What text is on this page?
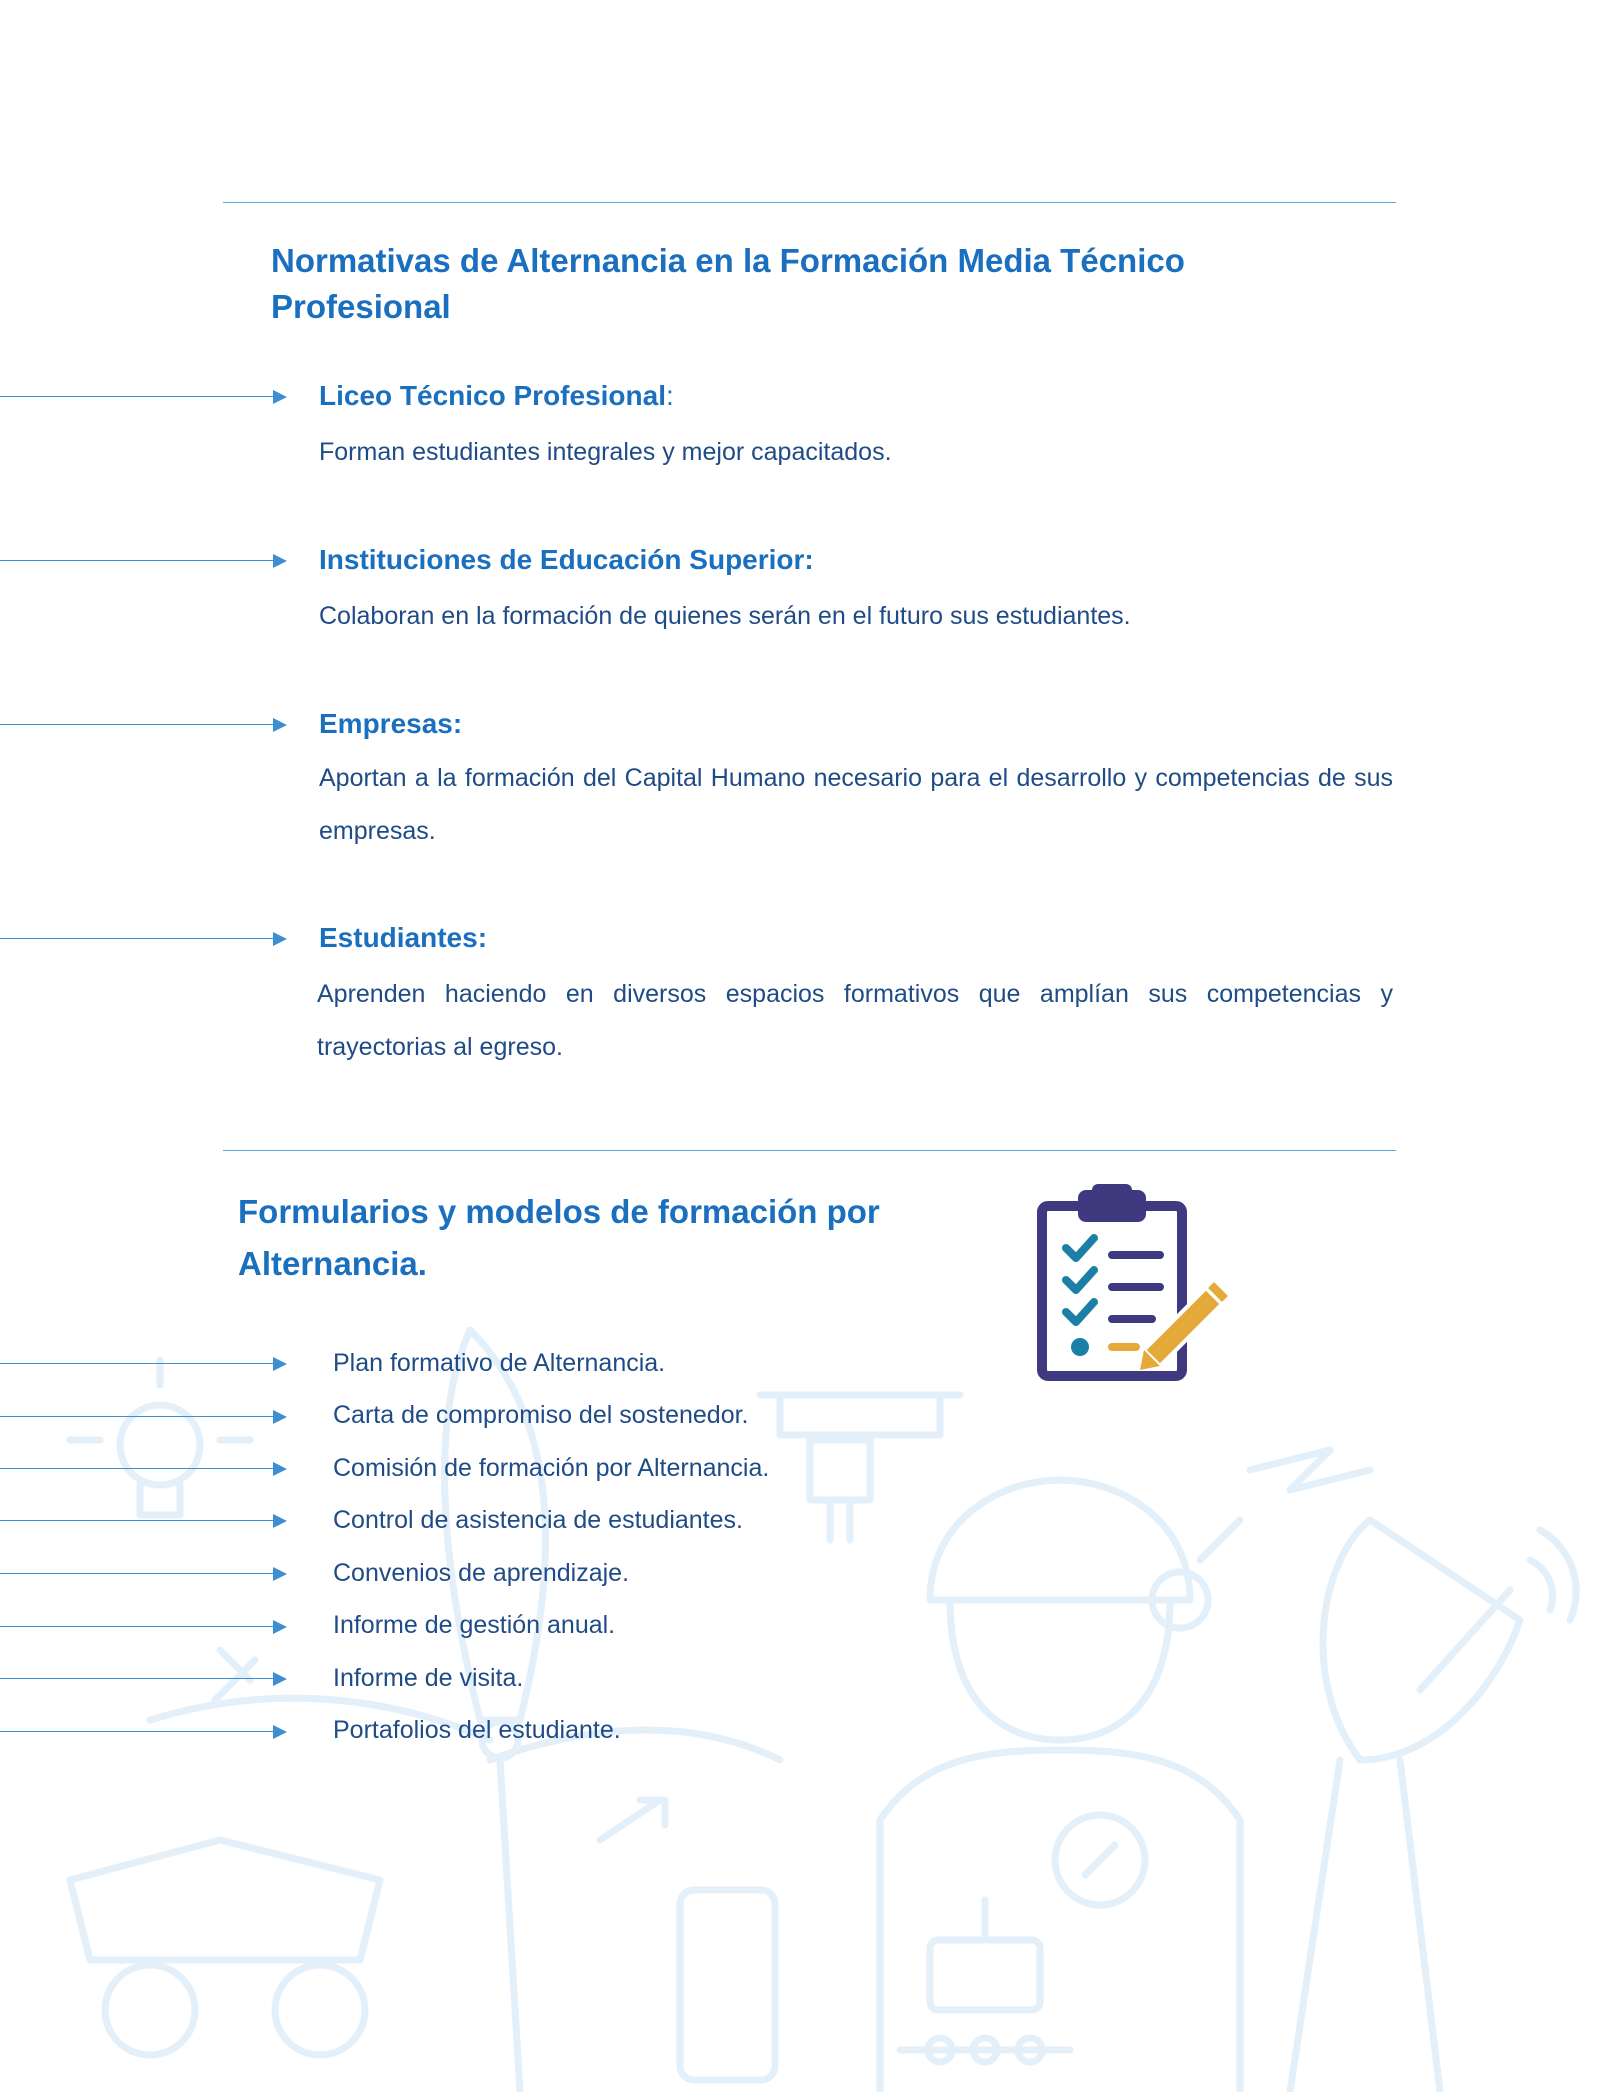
Normativas de Alternancia en la Formación Media Técnico Profesional
Liceo Técnico Profesional:
Forman estudiantes integrales y mejor capacitados.
Instituciones de Educación Superior:
Colaboran en la formación de quienes serán en el futuro sus estudiantes.
Empresas:
Aportan a la formación del Capital Humano necesario para el desarrollo y competencias de sus empresas.
Estudiantes:
Aprenden haciendo en diversos espacios formativos que amplían sus competencias y trayectorias al egreso.
Formularios y modelos de formación por Alternancia.
Plan formativo de Alternancia.
Carta de compromiso del sostenedor.
Comisión de formación por Alternancia.
Control de asistencia de estudiantes.
Convenios de aprendizaje.
Informe de gestión anual.
Informe de visita.
Portafolios del estudiante.
